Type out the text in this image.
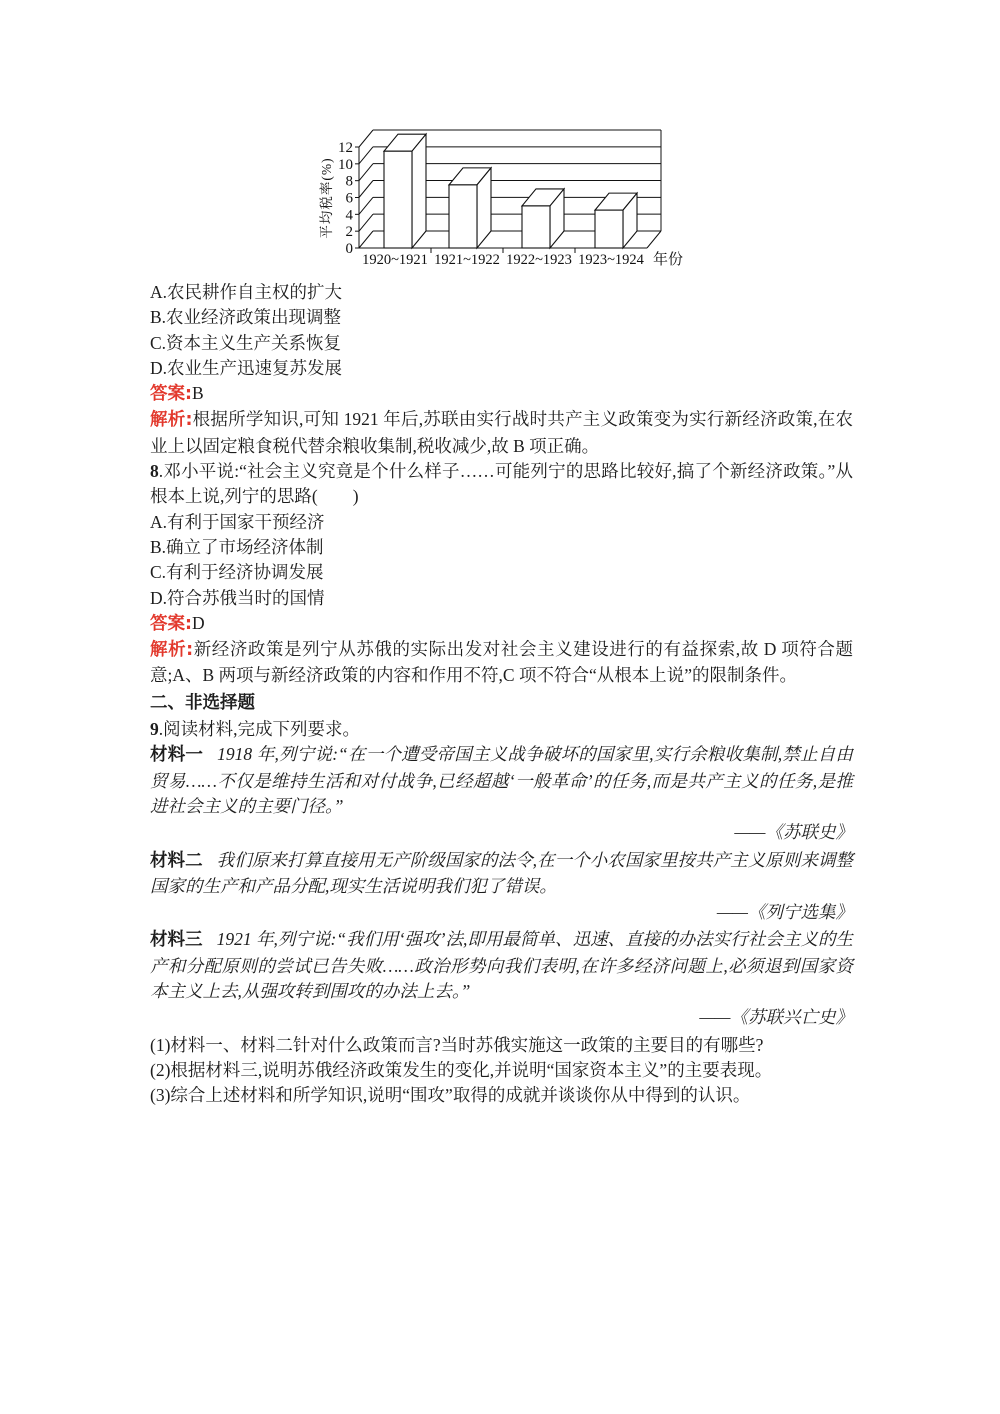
0
2
4
6
8
10
12
1920~1921 1921~1922 1922~1923 1923~1924 年份
平均税率(%)
A.农民耕作自主权的扩大
B.农业经济政策出现调整
C.资本主义生产关系恢复
D.农业生产迅速复苏发展
答案:B

解析:根据所学知识,可知 1921 年后,苏联由实行战时共产主义政策变为实行新经济政策,在农业上以固定粮食税代替余粮收集制,税收减少,故 B 项正确。

8.邓小平说:“社会主义究竟是个什么样子……可能列宁的思路比较好,搞了个新经济政策。”从根本上说,列宁的思路(　　)

A.有利于国家干预经济
B.确立了市场经济体制
C.有利于经济协调发展
D.符合苏俄当时的国情
答案:D

解析:新经济政策是列宁从苏俄的实际出发对社会主义建设进行的有益探索,故 D 项符合题意;A、B 两项与新经济政策的内容和作用不符,C 项不符合“从根本上说”的限制条件。

二、非选择题

9.阅读材料,完成下列要求。

材料一 1918 年,列宁说:“在一个遭受帝国主义战争破坏的国家里,实行余粮收集制,禁止自由贸易……不仅是维持生活和对付战争,已经超越‘一般革命’的任务,而是共产主义的任务,是推进社会主义的主要门径。”

——《苏联史》

材料二 我们原来打算直接用无产阶级国家的法令,在一个小农国家里按共产主义原则来调整国家的生产和产品分配,现实生活说明我们犯了错误。

——《列宁选集》

材料三 1921 年,列宁说:“我们用‘强攻’法,即用最简单、迅速、直接的办法实行社会主义的生产和分配原则的尝试已告失败……政治形势向我们表明,在许多经济问题上,必须退到国家资本主义上去,从强攻转到围攻的办法上去。”

——《苏联兴亡史》

(1)材料一、材料二针对什么政策而言?当时苏俄实施这一政策的主要目的有哪些?

(2)根据材料三,说明苏俄经济政策发生的变化,并说明“国家资本主义”的主要表现。

(3)综合上述材料和所学知识,说明“围攻”取得的成就并谈谈你从中得到的认识。
